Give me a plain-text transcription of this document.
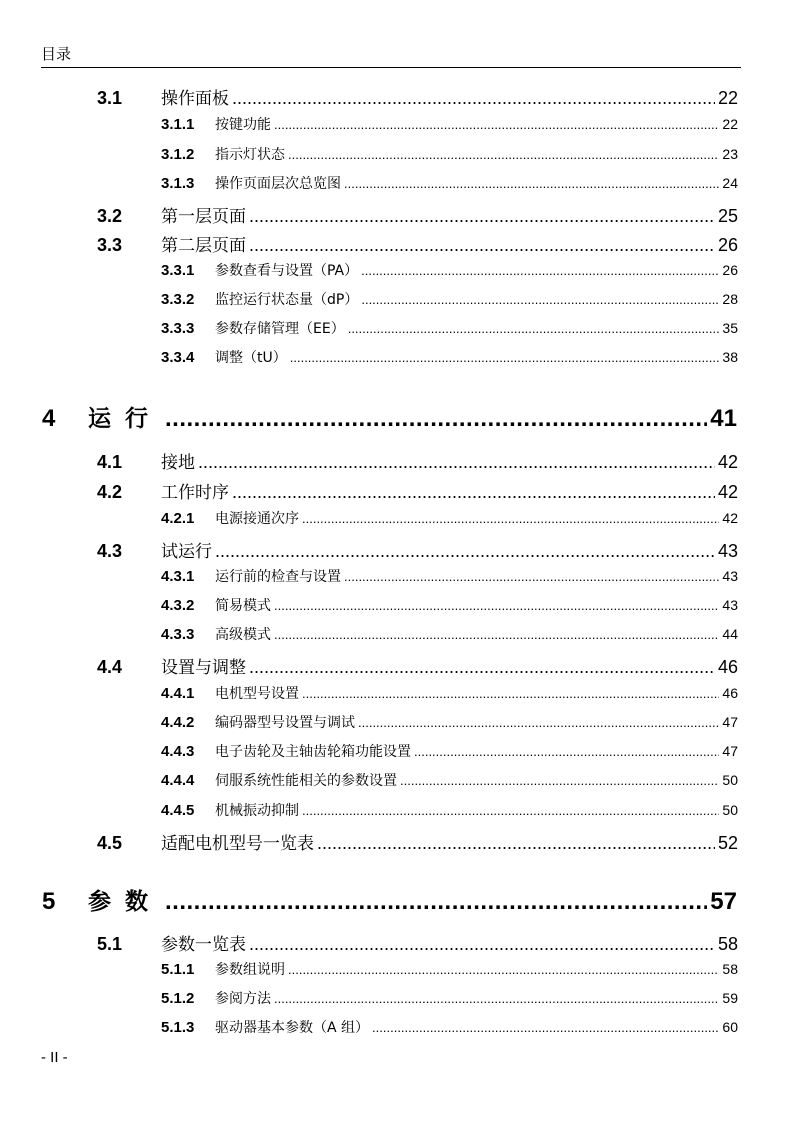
目录
3.1	操作面板 .....	22
3.1.1	按键功能 .....	22
3.1.2	指示灯状态 .....	23
3.1.3	操作页面层次总览图 .....	24
3.2	第一层页面 .....	25
3.3	第二层页面 .....	26
3.3.1	参数查看与设置（PA） .....	26
3.3.2	监控运行状态量（dP） .....	28
3.3.3	参数存储管理（EE） .....	35
3.3.4	调整（tU） .....	38
4	运行 .....	41
4.1	接地 .....	42
4.2	工作时序 .....	42
4.2.1	电源接通次序 .....	42
4.3	试运行 .....	43
4.3.1	运行前的检查与设置 .....	43
4.3.2	简易模式 .....	43
4.3.3	高级模式 .....	44
4.4	设置与调整 .....	46
4.4.1	电机型号设置 .....	46
4.4.2	编码器型号设置与调试 .....	47
4.4.3	电子齿轮及主轴齿轮箱功能设置 .....	47
4.4.4	伺服系统性能相关的参数设置 .....	50
4.4.5	机械振动抑制 .....	50
4.5	适配电机型号一览表 .....	52
5	参数 .....	57
5.1	参数一览表 .....	58
5.1.1	参数组说明 .....	58
5.1.2	参阅方法 .....	59
5.1.3	驱动器基本参数（A 组） .....	60
- II -
